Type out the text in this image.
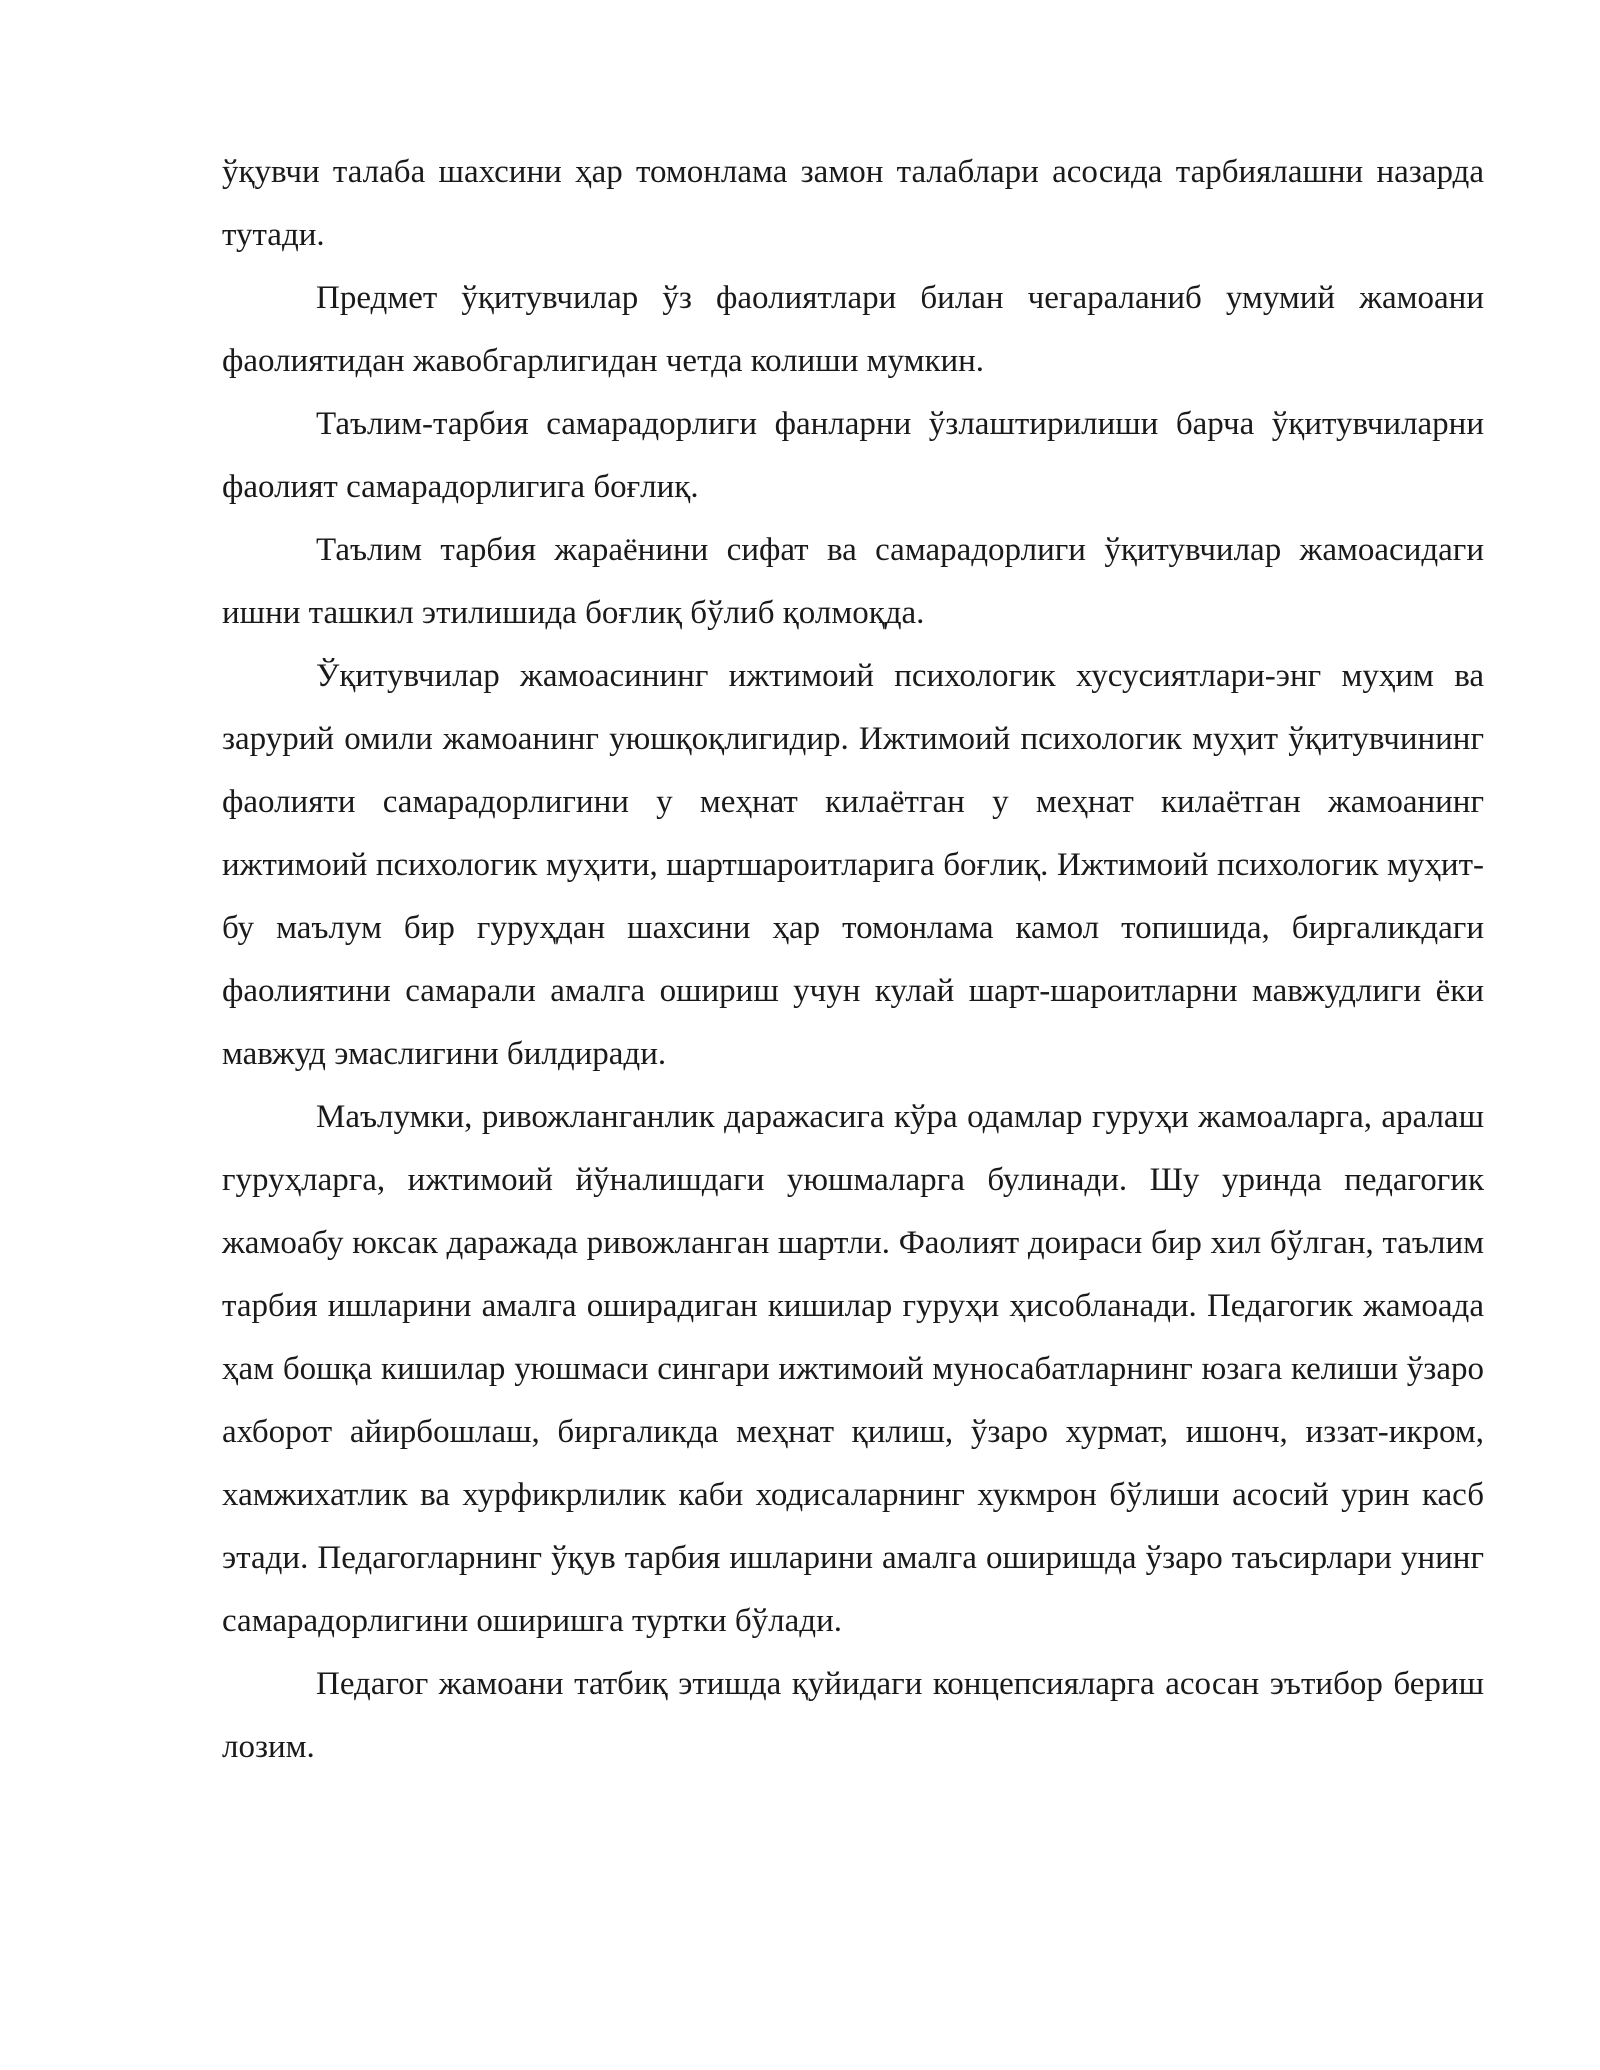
ўқувчи талаба шахсини ҳар томонлама замон талаблари асосида тарбиялашни назарда тутади.

Предмет ўқитувчилар ўз фаолиятлари билан чегараланиб умумий жамоани фаолиятидан жавобгарлигидан четда колиши мумкин.

Таълим-тарбия самарадорлиги фанларни ўзлаштирилиши барча ўқитувчиларни фаолият самарадорлигига боғлиқ.

Таълим тарбия жараёнини сифат ва самарадорлиги ўқитувчилар жамоасидаги ишни ташкил этилишида боғлиқ бўлиб қолмоқда.

Ўқитувчилар жамоасининг ижтимоий психологик хусусиятлари-энг муҳим ва зарурий омили жамоанинг уюшқоқлигидир. Ижтимоий психологик муҳит ўқитувчининг фаолияти самарадорлигини у меҳнат килаётган у меҳнат килаётган жамоанинг ижтимоий психологик муҳити, шартшароитларига боғлиқ. Ижтимоий психологик муҳит-бу маълум бир гуруҳдан шахсини ҳар томонлама камол топишида, биргаликдаги фаолиятини самарали амалга ошириш учун кулай шарт-шароитларни мавжудлиги ёки мавжуд эмаслигини билдиради.

Маълумки, ривожланганлик даражасига кўра одамлар гуруҳи жамоаларга, аралаш гуруҳларга, ижтимоий йўналишдаги уюшмаларга булинади. Шу уринда педагогик жамоабу юксак даражада ривожланган шартли. Фаолият доираси бир хил бўлган, таълим тарбия ишларини амалга оширадиган кишилар гуруҳи ҳисобланади. Педагогик жамоада ҳам бошқа кишилар уюшмаси сингари ижтимоий муносабатларнинг юзага келиши ўзаро ахборот айирбошлаш, биргаликда меҳнат қилиш, ўзаро хурмат, ишонч, иззат-икром, хамжихатлик ва хурфикрлилик каби ходисаларнинг хукмрон бўлиши асосий урин касб этади. Педагогларнинг ўқув тарбия ишларини амалга оширишда ўзаро таъсирлари унинг самарадорлигини оширишга туртки бўлади.

Педагог жамоани татбиқ этишда қуйидаги концепсияларга асосан эътибор бериш лозим.
